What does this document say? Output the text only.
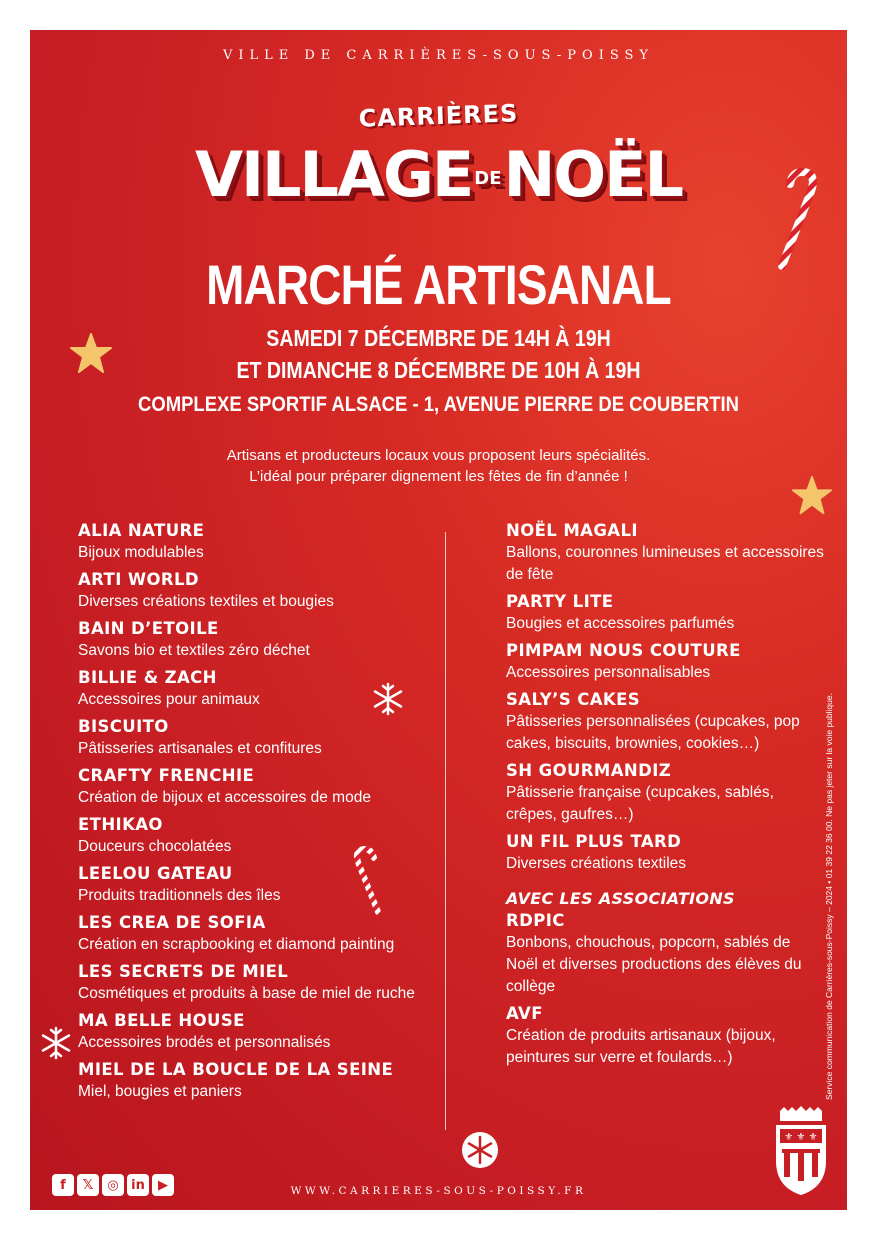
VILLE DE CARRIÈRES-SOUS-POISSY
CARRIÈRES
VILLAGE DENOËL
MARCHÉ ARTISANAL
SAMEDI 7 DÉCEMBRE DE 14H À 19H
ET DIMANCHE 8 DÉCEMBRE DE 10H À 19H
COMPLEXE SPORTIF ALSACE - 1, AVENUE PIERRE DE COUBERTIN
Artisans et producteurs locaux vous proposent leurs spécialités.
L’idéal pour préparer dignement les fêtes de fin d’année !
ALIA NATURE
Bijoux modulables
ARTI WORLD
Diverses créations textiles et bougies
BAIN D’ETOILE
Savons bio et textiles zéro déchet
BILLIE & ZACH
Accessoires pour animaux
BISCUITO
Pâtisseries artisanales et confitures
CRAFTY FRENCHIE
Création de bijoux et accessoires de mode
ETHIKAO
Douceurs chocolatées
LEELOU GATEAU
Produits traditionnels des îles
LES CREA DE SOFIA
Création en scrapbooking et diamond painting
LES SECRETS DE MIEL
Cosmétiques et produits à base de miel de ruche
MA BELLE HOUSE
Accessoires brodés et personnalisés
MIEL DE LA BOUCLE DE LA SEINE
Miel, bougies et paniers
NOËL MAGALI
Ballons, couronnes lumineuses et accessoires de fête
PARTY LITE
Bougies et accessoires parfumés
PIMPAM NOUS COUTURE
Accessoires personnalisables
SALY’S CAKES
Pâtisseries personnalisées (cupcakes, pop cakes, biscuits, brownies, cookies…)
SH GOURMANDIZ
Pâtisserie française (cupcakes, sablés, crêpes, gaufres…)
UN FIL PLUS TARD
Diverses créations textiles
AVEC LES ASSOCIATIONS
RDPIC
Bonbons, chouchous, popcorn, sablés de Noël et diverses productions des élèves du collège
AVF
Création de produits artisanaux (bijoux, peintures sur verre et foulards…)	Service communication de Carrières-sous-Poissy – 2024 • 01 39 22 36 00. Ne pas jeter sur la voie publique.
f	𝕏	◎ in	▶	WWW.CARRIERES-SOUS-POISSY.FR
⚜ ⚜ ⚜
